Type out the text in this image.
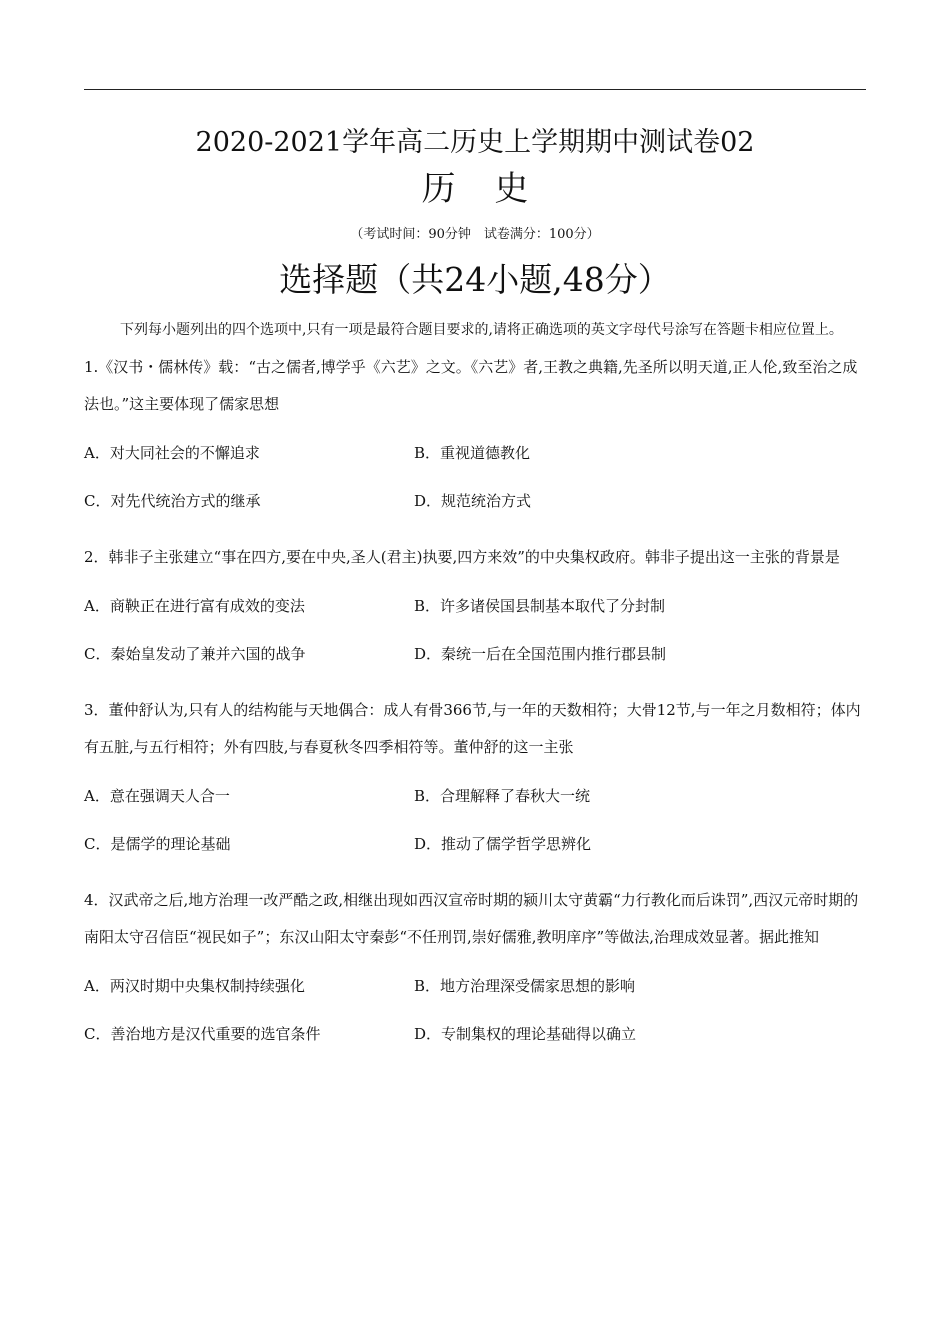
2020-2021学年高二历史上学期期中测试卷02
历 史
（考试时间：90分钟　试卷满分：100分）
选择题（共24小题,48分）

下列每小题列出的四个选项中,只有一项是最符合题目要求的,请将正确选项的英文字母代号涂写在答题卡相应位置上。

1.《汉书・儒林传》载：“古之儒者,博学乎《六艺》之文。《六艺》者,王教之典籍,先圣所以明天道,正人伦,致至治之成法也。”这主要体现了儒家思想

A．对大同社会的不懈追求	B．重视道德教化
C．对先代统治方式的继承	D．规范统治方式

2．韩非子主张建立“事在四方,要在中央,圣人(君主)执要,四方来效”的中央集权政府。韩非子提出这一主张的背景是

A．商鞅正在进行富有成效的变法	B．许多诸侯国县制基本取代了分封制
C．秦始皇发动了兼并六国的战争	D．秦统一后在全国范围内推行郡县制

3．董仲舒认为,只有人的结构能与天地偶合：成人有骨366节,与一年的天数相符；大骨12节,与一年之月数相符；体内有五脏,与五行相符；外有四肢,与春夏秋冬四季相符等。董仲舒的这一主张

A．意在强调天人合一	B．合理解释了春秋大一统
C．是儒学的理论基础	D．推动了儒学哲学思辨化

4．汉武帝之后,地方治理一改严酷之政,相继出现如西汉宣帝时期的颍川太守黄霸“力行教化而后诛罚”,西汉元帝时期的南阳太守召信臣“视民如子”；东汉山阳太守秦彭“不任刑罚,崇好儒雅,教明庠序”等做法,治理成效显著。据此推知

A．两汉时期中央集权制持续强化	B．地方治理深受儒家思想的影响
C．善治地方是汉代重要的选官条件	D．专制集权的理论基础得以确立
